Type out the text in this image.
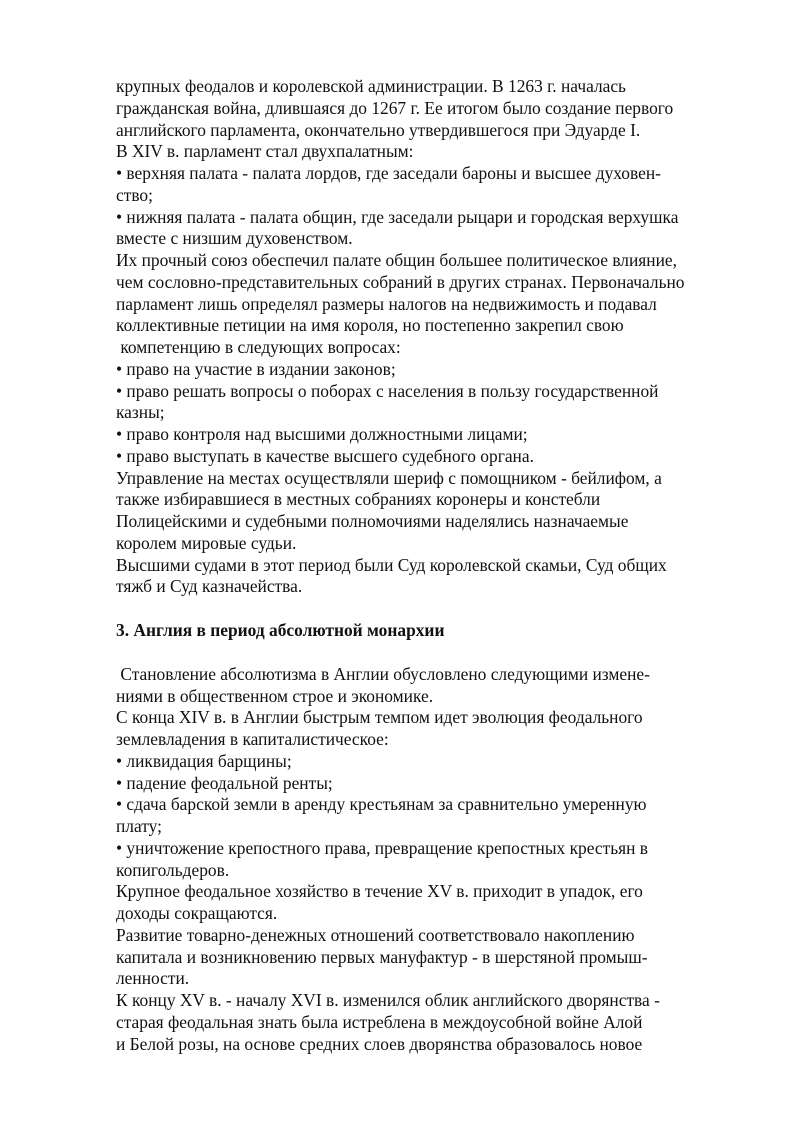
крупных феодалов и королевской администрации. В 1263 г. началась
гражданская война, длившаяся до 1267 г. Ее итогом было создание первого
английского парламента, окончательно утвердившегося при Эдуарде I.
В XIV в. парламент стал двухпалатным:
• верхняя палата - палата лордов, где заседали бароны и высшее духовен-
ство;
• нижняя палата - палата общин, где заседали рыцари и городская верхушка
вместе с низшим духовенством.
Их прочный союз обеспечил палате общин большее политическое влияние,
чем сословно-представительных собраний в других странах. Первоначально
парламент лишь определял размеры налогов на недвижимость и подавал
коллективные петиции на имя короля, но постепенно закрепил свою
компетенцию в следующих вопросах:
• право на участие в издании законов;
• право решать вопросы о поборах с населения в пользу государственной
казны;
• право контроля над высшими должностными лицами;
• право выступать в качестве высшего судебного органа.
Управление на местах осуществляли шериф с помощником - бейлифом, а
также избиравшиеся в местных собраниях коронеры и констебли
Полицейскими и судебными полномочиями наделялись назначаемые
королем мировые судьи.
Высшими судами в этот период были Суд королевской скамьи, Суд общих
тяжб и Суд казначейства.
3. Англия в период абсолютной монархии
Становление абсолютизма в Англии обусловлено следующими измене-
ниями в общественном строе и экономике.
С конца XIV в. в Англии быстрым темпом идет эволюция феодального
землевладения в капиталистическое:
• ликвидация барщины;
• падение феодальной ренты;
• сдача барской земли в аренду крестьянам за сравнительно умеренную
плату;
• уничтожение крепостного права, превращение крепостных крестьян в
копигольдеров.
Крупное феодальное хозяйство в течение XV в. приходит в упадок, его
доходы сокращаются.
Развитие товарно-денежных отношений соответствовало накоплению
капитала и возникновению первых мануфактур - в шерстяной промыш-
ленности.
К концу XV в. - началу XVI в. изменился облик английского дворянства -
старая феодальная знать была истреблена в междоусобной войне Алой
и Белой розы, на основе средних слоев дворянства образовалось новое
